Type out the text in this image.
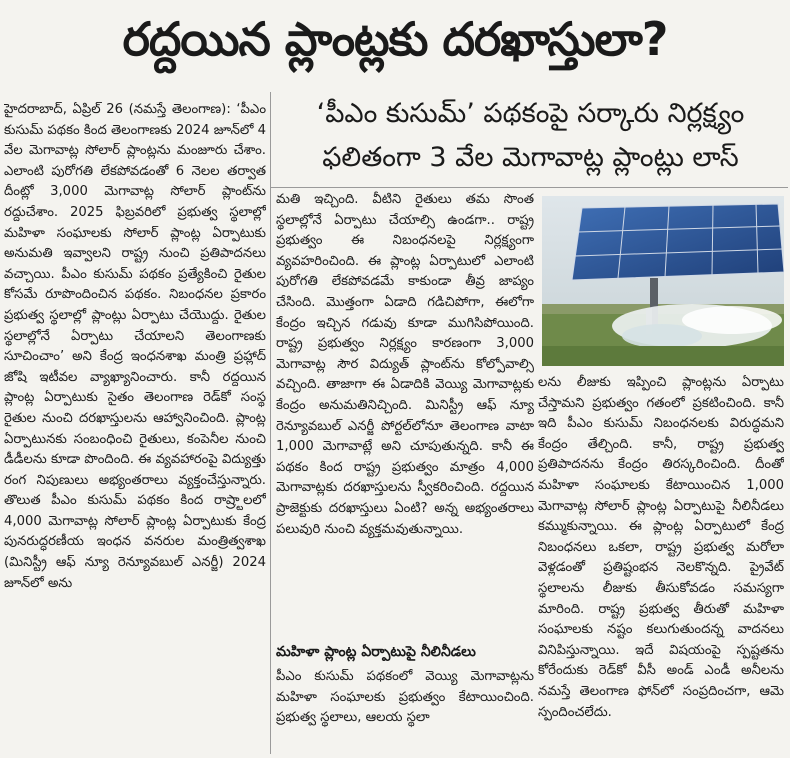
రద్దయిన ప్లాంట్లకు దరఖాస్తులా?
‘పీఎం కుసుమ్’ పథకంపై సర్కారు నిర్లక్ష్యం
ఫలితంగా 3 వేల మెగావాట్ల ప్లాంట్లు లాస్
హైదరాబాద్, ఏప్రిల్ 26 (నమస్తే తెలంగాణ): ‘పీఎం కుసుమ్ పథకం కింద తెలంగాణకు 2024 జూన్‌లో 4 వేల మెగావాట్ల సోలార్ ప్లాంట్లను మంజూరు చేశాం. ఎలాంటి పురోగతి లేకపోవడంతో 6 నెలల తర్వాత దీంట్లో 3,000 మెగావాట్ల సోలార్ ప్లాంట్‌ను రద్దుచేశాం. 2025 ఫిబ్రవరిలో ప్రభుత్వ స్థలాల్లో మహిళా సంఘాలకు సోలార్ ప్లాంట్ల ఏర్పాటుకు అనుమతి ఇవ్వాలని రాష్ట్ర నుంచి ప్రతిపాదనలు వచ్చాయి. పీఎం కుసుమ్ పథకం ప్రత్యేకించి రైతుల కోసమే రూపొందించిన పథకం. నిబంధనల ప్రకారం ప్రభుత్వ స్థలాల్లో ప్లాంట్లు ఏర్పాటు చేయొద్దు. రైతుల స్థలాల్లోనే ఏర్పాటు చేయాలని తెలంగాణకు సూచించాం’ అని కేంద్ర ఇంధనశాఖ మంత్రి ప్రహ్లాద్ జోషి ఇటీవల వ్యాఖ్యానించారు. కానీ రద్దయిన ప్లాంట్ల ఏర్పాటుకు సైతం తెలంగాణ రెడ్‌కో సంస్థ రైతుల నుంచి దరఖాస్తులను ఆహ్వానించింది. ప్లాంట్ల ఏర్పాటునకు సంబంధించి రైతులు, కంపెనీల నుంచి డీడీలను కూడా పొందింది. ఈ వ్యవహారంపై విద్యుత్తు రంగ నిపుణులు అభ్యంతరాలు వ్యక్తంచేస్తున్నారు. తొలుత పీఎం కుసుమ్ పథకం కింద రాష్ర్టాలలో 4,000 మెగావాట్ల సోలార్ ప్లాంట్ల ఏర్పాటుకు కేంద్ర పునరుద్ధరణీయ ఇంధన వనరుల మంత్రిత్వశాఖ (మినిస్ట్రీ ఆఫ్ న్యూ రెన్యూవబుల్ ఎనర్జీ) 2024 జూన్‌లో అను
మతి ఇచ్చింది. వీటిని రైతులు తమ సొంత స్థలాల్లోనే ఏర్పాటు చేయాల్సి ఉండగా.. రాష్ట్ర ప్రభుత్వం ఈ నిబంధనలపై నిర్లక్ష్యంగా వ్యవహరించింది. ఈ ప్లాంట్ల ఏర్పాటులో ఎలాంటి పురోగతి లేకపోవడమే కాకుండా తీవ్ర జాప్యం చేసింది. మొత్తంగా ఏడాది గడిచిపోగా, ఈలోగా కేంద్రం ఇచ్చిన గడువు కూడా ముగిసిపోయింది. రాష్ట్ర ప్రభుత్వం నిర్లక్ష్యం కారణంగా 3,000 మెగావాట్ల సౌర విద్యుత్ ప్లాంట్‌ను కోల్పోవాల్సి వచ్చింది. తాజాగా ఈ ఏడాదికి వెయ్యి మెగావాట్లకు కేంద్రం అనుమతినిచ్చింది. మినిస్ట్రీ ఆఫ్ న్యూ రెన్యూవబుల్ ఎనర్జీ పోర్టల్‌లోనూ తెలంగాణ వాటా 1,000 మెగావాట్లే అని చూపుతున్నది. కానీ ఈ పథకం కింద రాష్ట్ర ప్రభుత్వం మాత్రం 4,000 మెగావాట్లకు దరఖాస్తులను స్వీకరించింది. రద్దయిన ప్రాజెక్టుకు దరఖాస్తులు ఏంటి? అన్న అభ్యంతరాలు పలువురి నుంచి వ్యక్తమవుతున్నాయి.
మహిళా ప్లాంట్ల ఏర్పాటుపై నీలినీడలు
పీఎం కుసుమ్ పథకంలో వెయ్యి మెగావాట్లను మహిళా సంఘాలకు ప్రభుత్వం కేటాయించింది. ప్రభుత్వ స్థలాలు, ఆలయ స్థలా
లను లీజుకు ఇప్పించి ప్లాంట్లను ఏర్పాటు చేస్తామని ప్రభుత్వం గతంలో ప్రకటించింది. కానీ ఇది పీఎం కుసుమ్ నిబంధనలకు విరుద్ధమని కేంద్రం తేల్చింది. కానీ, రాష్ట్ర ప్రభుత్వ ప్రతిపాదనను కేంద్రం తిరస్కరించింది. దీంతో మహిళా సంఘాలకు కేటాయించిన 1,000 మెగావాట్ల సోలార్ ప్లాంట్ల ఏర్పాటుపై నీలినీడలు కమ్ముకున్నాయి. ఈ ప్లాంట్ల ఏర్పాటులో కేంద్ర నిబంధనలు ఒకలా, రాష్ట్ర ప్రభుత్వ మరోలా వెళ్లడంతో ప్రతిష్టంభన నెలకొన్నది. ప్రైవేట్ స్థలాలను లీజుకు తీసుకోవడం సమస్యగా మారింది. రాష్ట్ర ప్రభుత్వ తీరుతో మహిళా సంఘాలకు నష్టం కలుగుతుందన్న వాదనలు వినిపిస్తున్నాయి. ఇదే విషయంపై స్పష్టతను కోరేందుకు రెడ్‌కో వీసీ అండ్ ఎండీ అనీలను నమస్తే తెలంగాణ ఫోన్‌లో సంప్రదించగా, ఆమె స్పందించలేదు.
